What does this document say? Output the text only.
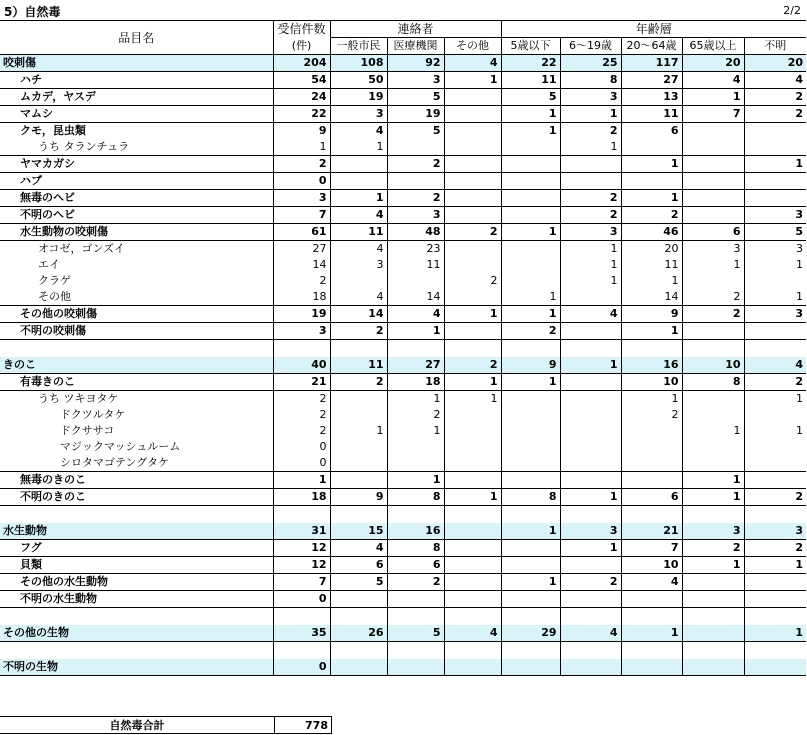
5）自然毒	2/2
品目名	受信件数	連絡者			年齢層				
	(件)	一般市民	医療機関	その他	5歳以下	6～19歳	20～64歳	65歳以上	不明
咬刺傷	204	108	92	4	22	25	117	20	20
ハチ	54	50	3	1	11	8	27	4	4
ムカデ，ヤスデ	24	19	5		5	3	13	1	2
マムシ	22	3	19		1	1	11	7	2
クモ，昆虫類	9	4	5		1	2	6		
うち タランチュラ	1	1				1			
ヤマカガシ	2		2				1		1
ハブ	0								
無毒のヘビ	3	1	2			2	1		
不明のヘビ	7	4	3			2	2		3
水生動物の咬刺傷	61	11	48	2	1	3	46	6	5
オコゼ，ゴンズイ	27	4	23			1	20	3	3
エイ	14	3	11			1	11	1	1
クラゲ	2			2		1	1		
その他	18	4	14		1		14	2	1
その他の咬刺傷	19	14	4	1	1	4	9	2	3
不明の咬刺傷	3	2	1		2		1		

きのこ	40	11	27	2	9	1	16	10	4
有毒きのこ	21	2	18	1	1		10	8	2
うち ツキヨタケ	2		1	1			1		1
ドクツルタケ	2		2				2		
ドクササコ	2	1	1					1	1
マジックマッシュルーム	0								
シロタマゴテングタケ	0								
無毒のきのこ	1		1					1	
不明のきのこ	18	9	8	1	8	1	6	1	2

水生動物	31	15	16		1	3	21	3	3
フグ	12	4	8			1	7	2	2
貝類	12	6	6				10	1	1
その他の水生動物	7	5	2		1	2	4		
不明の水生動物	0								

その他の生物	35	26	5	4	29	4	1		1

不明の生物	0								
自然毒合計	778
